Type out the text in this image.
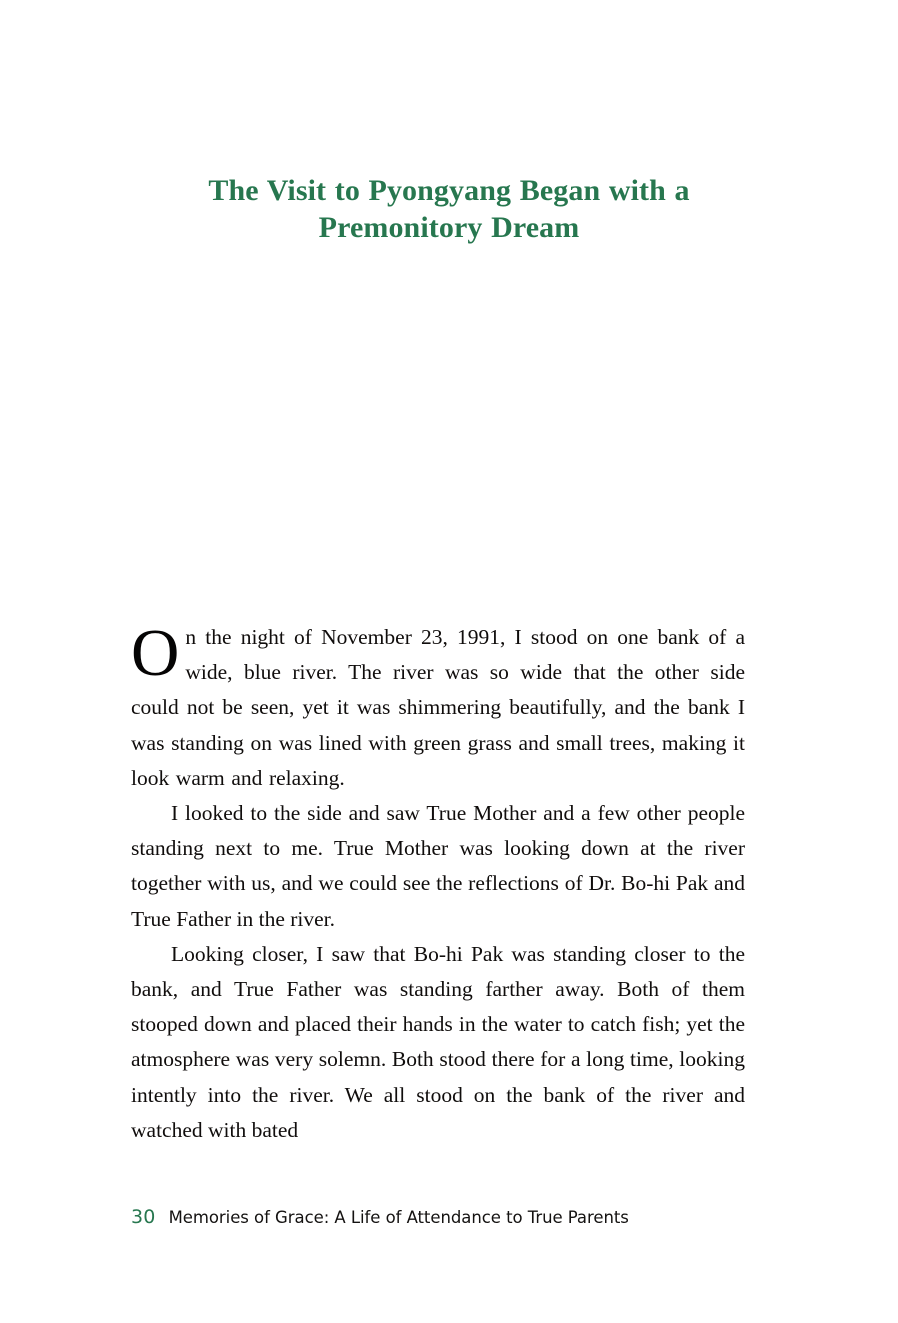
The Visit to Pyongyang Began with a
Premonitory Dream

On the night of November 23, 1991, I stood on one bank of a wide, blue river. The river was so wide that the other side could not be seen, yet it was shimmering beautifully, and the bank I was standing on was lined with green grass and small trees, making it look warm and relaxing.

I looked to the side and saw True Mother and a few other people standing next to me. True Mother was looking down at the river together with us, and we could see the reflections of Dr. Bo-hi Pak and True Father in the river.

Looking closer, I saw that Bo-hi Pak was standing closer to the bank, and True Father was standing farther away. Both of them stooped down and placed their hands in the water to catch fish; yet the atmosphere was very solemn. Both stood there for a long time, looking intently into the river. We all stood on the bank of the river and watched with bated

30 Memories of Grace: A Life of Attendance to True Parents
